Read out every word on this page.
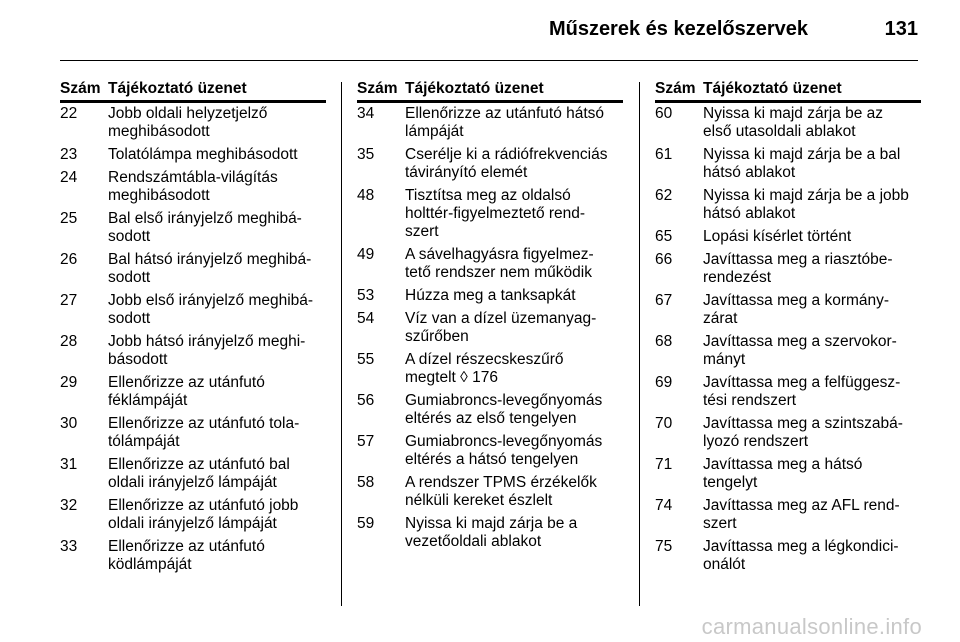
Műszerek és kezelőszervek	131
Szám Tájékoztató üzenet
22	Jobb oldali helyzetjelző
meghibásodott
23	Tolatólámpa meghibásodott
24	Rendszámtábla-világítás
meghibásodott
25	Bal első irányjelző meghibá-
sodott
26	Bal hátsó irányjelző meghibá-
sodott
27	Jobb első irányjelző meghibá-
sodott
28	Jobb hátsó irányjelző meghi-
básodott
29	Ellenőrizze az utánfutó
féklámpáját
30	Ellenőrizze az utánfutó tola-
tólámpáját
31	Ellenőrizze az utánfutó bal
oldali irányjelző lámpáját
32	Ellenőrizze az utánfutó jobb
oldali irányjelző lámpáját
33	Ellenőrizze az utánfutó
ködlámpáját
Szám Tájékoztató üzenet
34	Ellenőrizze az utánfutó hátsó
lámpáját
35	Cserélje ki a rádiófrekvenciás
távirányító elemét
48	Tisztítsa meg az oldalsó
holttér-figyelmeztető rend-
szert
49	A sávelhagyásra figyelmez-
tető rendszer nem működik
53	Húzza meg a tanksapkát
54	Víz van a dízel üzemanyag-
szűrőben
55	A dízel részecskeszűrő
megtelt ◊ 176
56	Gumiabroncs-levegőnyomás
eltérés az első tengelyen
57	Gumiabroncs-levegőnyomás
eltérés a hátsó tengelyen
58	A rendszer TPMS érzékelők
nélküli kereket észlelt
59	Nyissa ki majd zárja be a
vezetőoldali ablakot
Szám Tájékoztató üzenet
60	Nyissa ki majd zárja be az
első utasoldali ablakot
61	Nyissa ki majd zárja be a bal
hátsó ablakot
62	Nyissa ki majd zárja be a jobb
hátsó ablakot
65	Lopási kísérlet történt
66	Javíttassa meg a riasztóbe-
rendezést
67	Javíttassa meg a kormány-
zárat
68	Javíttassa meg a szervokor-
mányt
69	Javíttassa meg a felfüggesz-
tési rendszert
70	Javíttassa meg a szintszabá-
lyozó rendszert
71	Javíttassa meg a hátsó
tengelyt
74	Javíttassa meg az AFL rend-
szert
75	Javíttassa meg a légkondici-
onálót
carmanualsonline.info
